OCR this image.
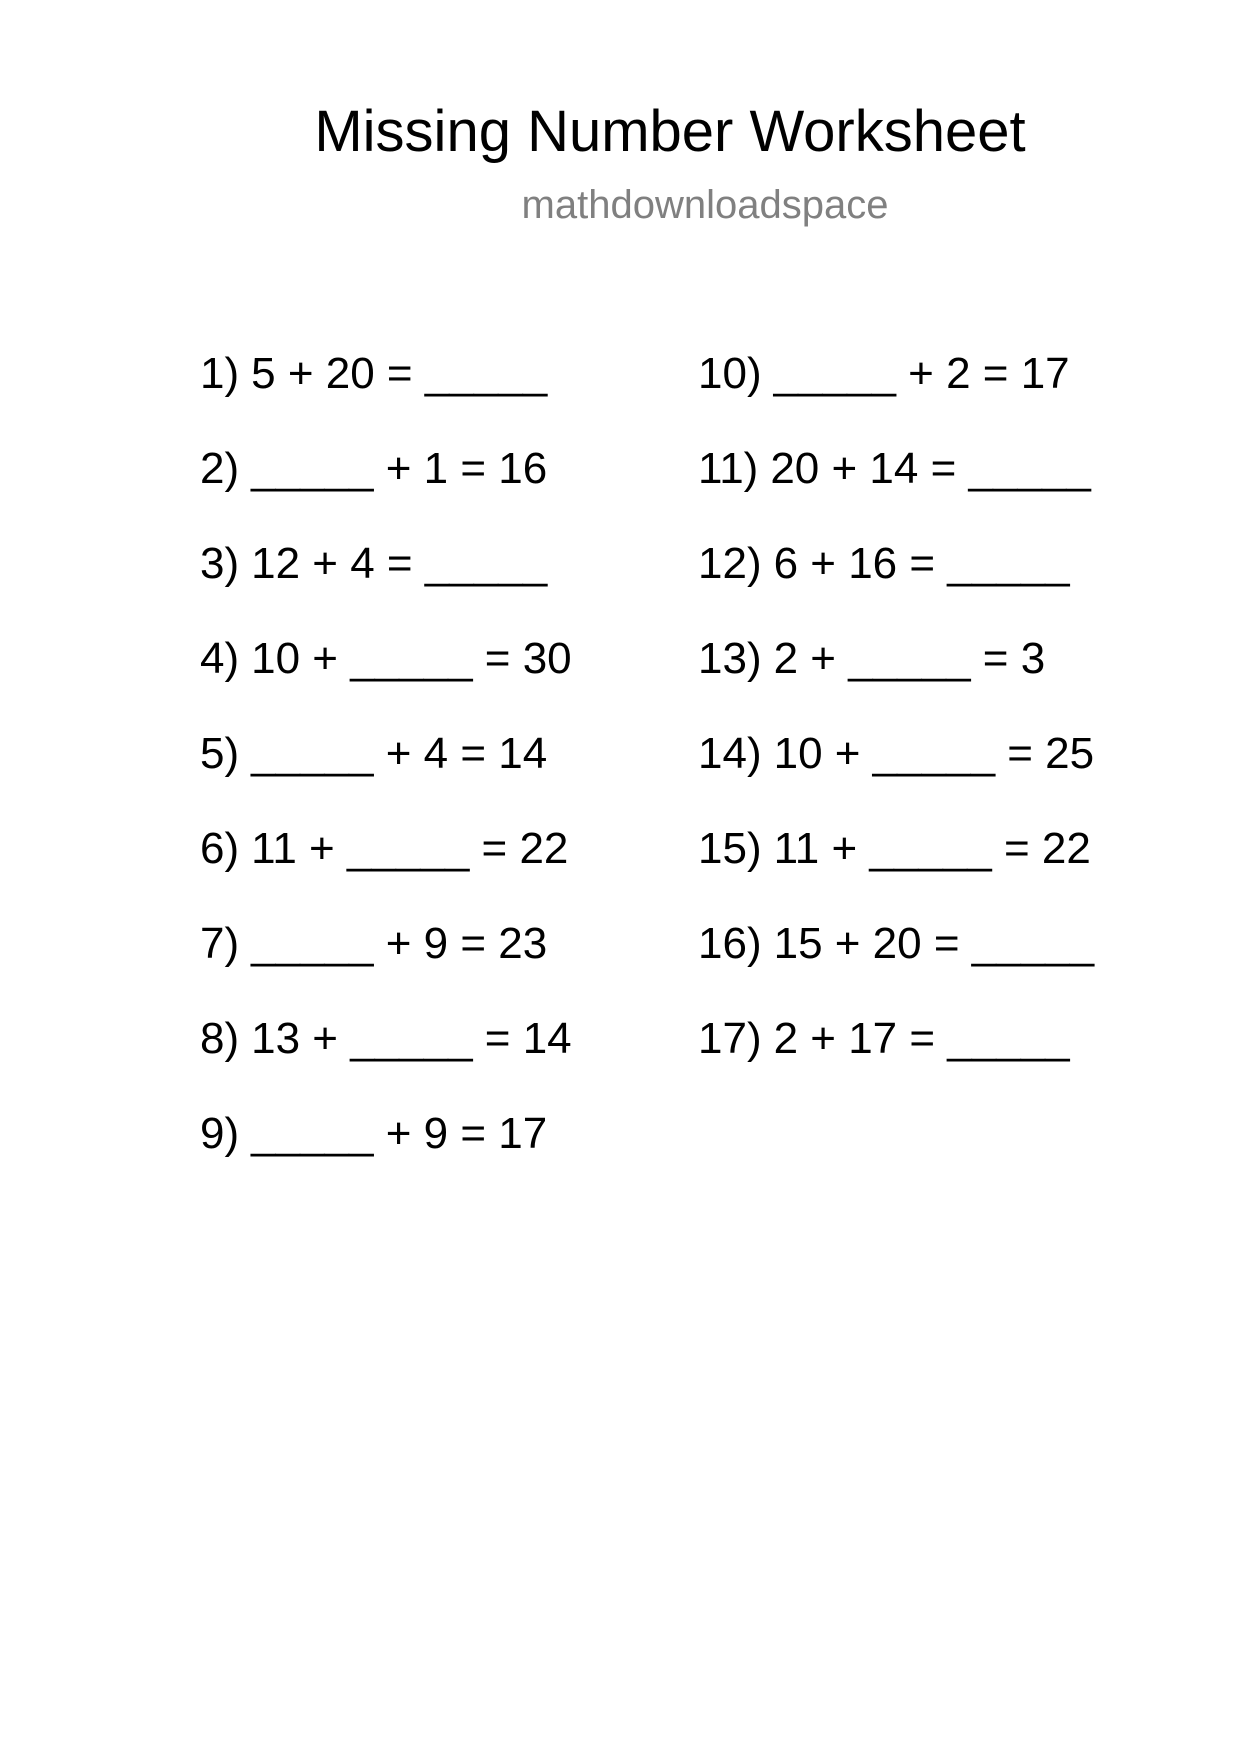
Missing Number Worksheet
mathdownloadspace
1) 5 + 20 = _____
2) _____ + 1 = 16
3) 12 + 4 = _____
4) 10 + _____ = 30
5) _____ + 4 = 14
6) 11 + _____ = 22
7) _____ + 9 = 23
8) 13 + _____ = 14
9) _____ + 9 = 17
10) _____ + 2 = 17
11) 20 + 14 = _____
12) 6 + 16 = _____
13) 2 + _____ = 3
14) 10 + _____ = 25
15) 11 + _____ = 22
16) 15 + 20 = _____
17) 2 + 17 = _____
